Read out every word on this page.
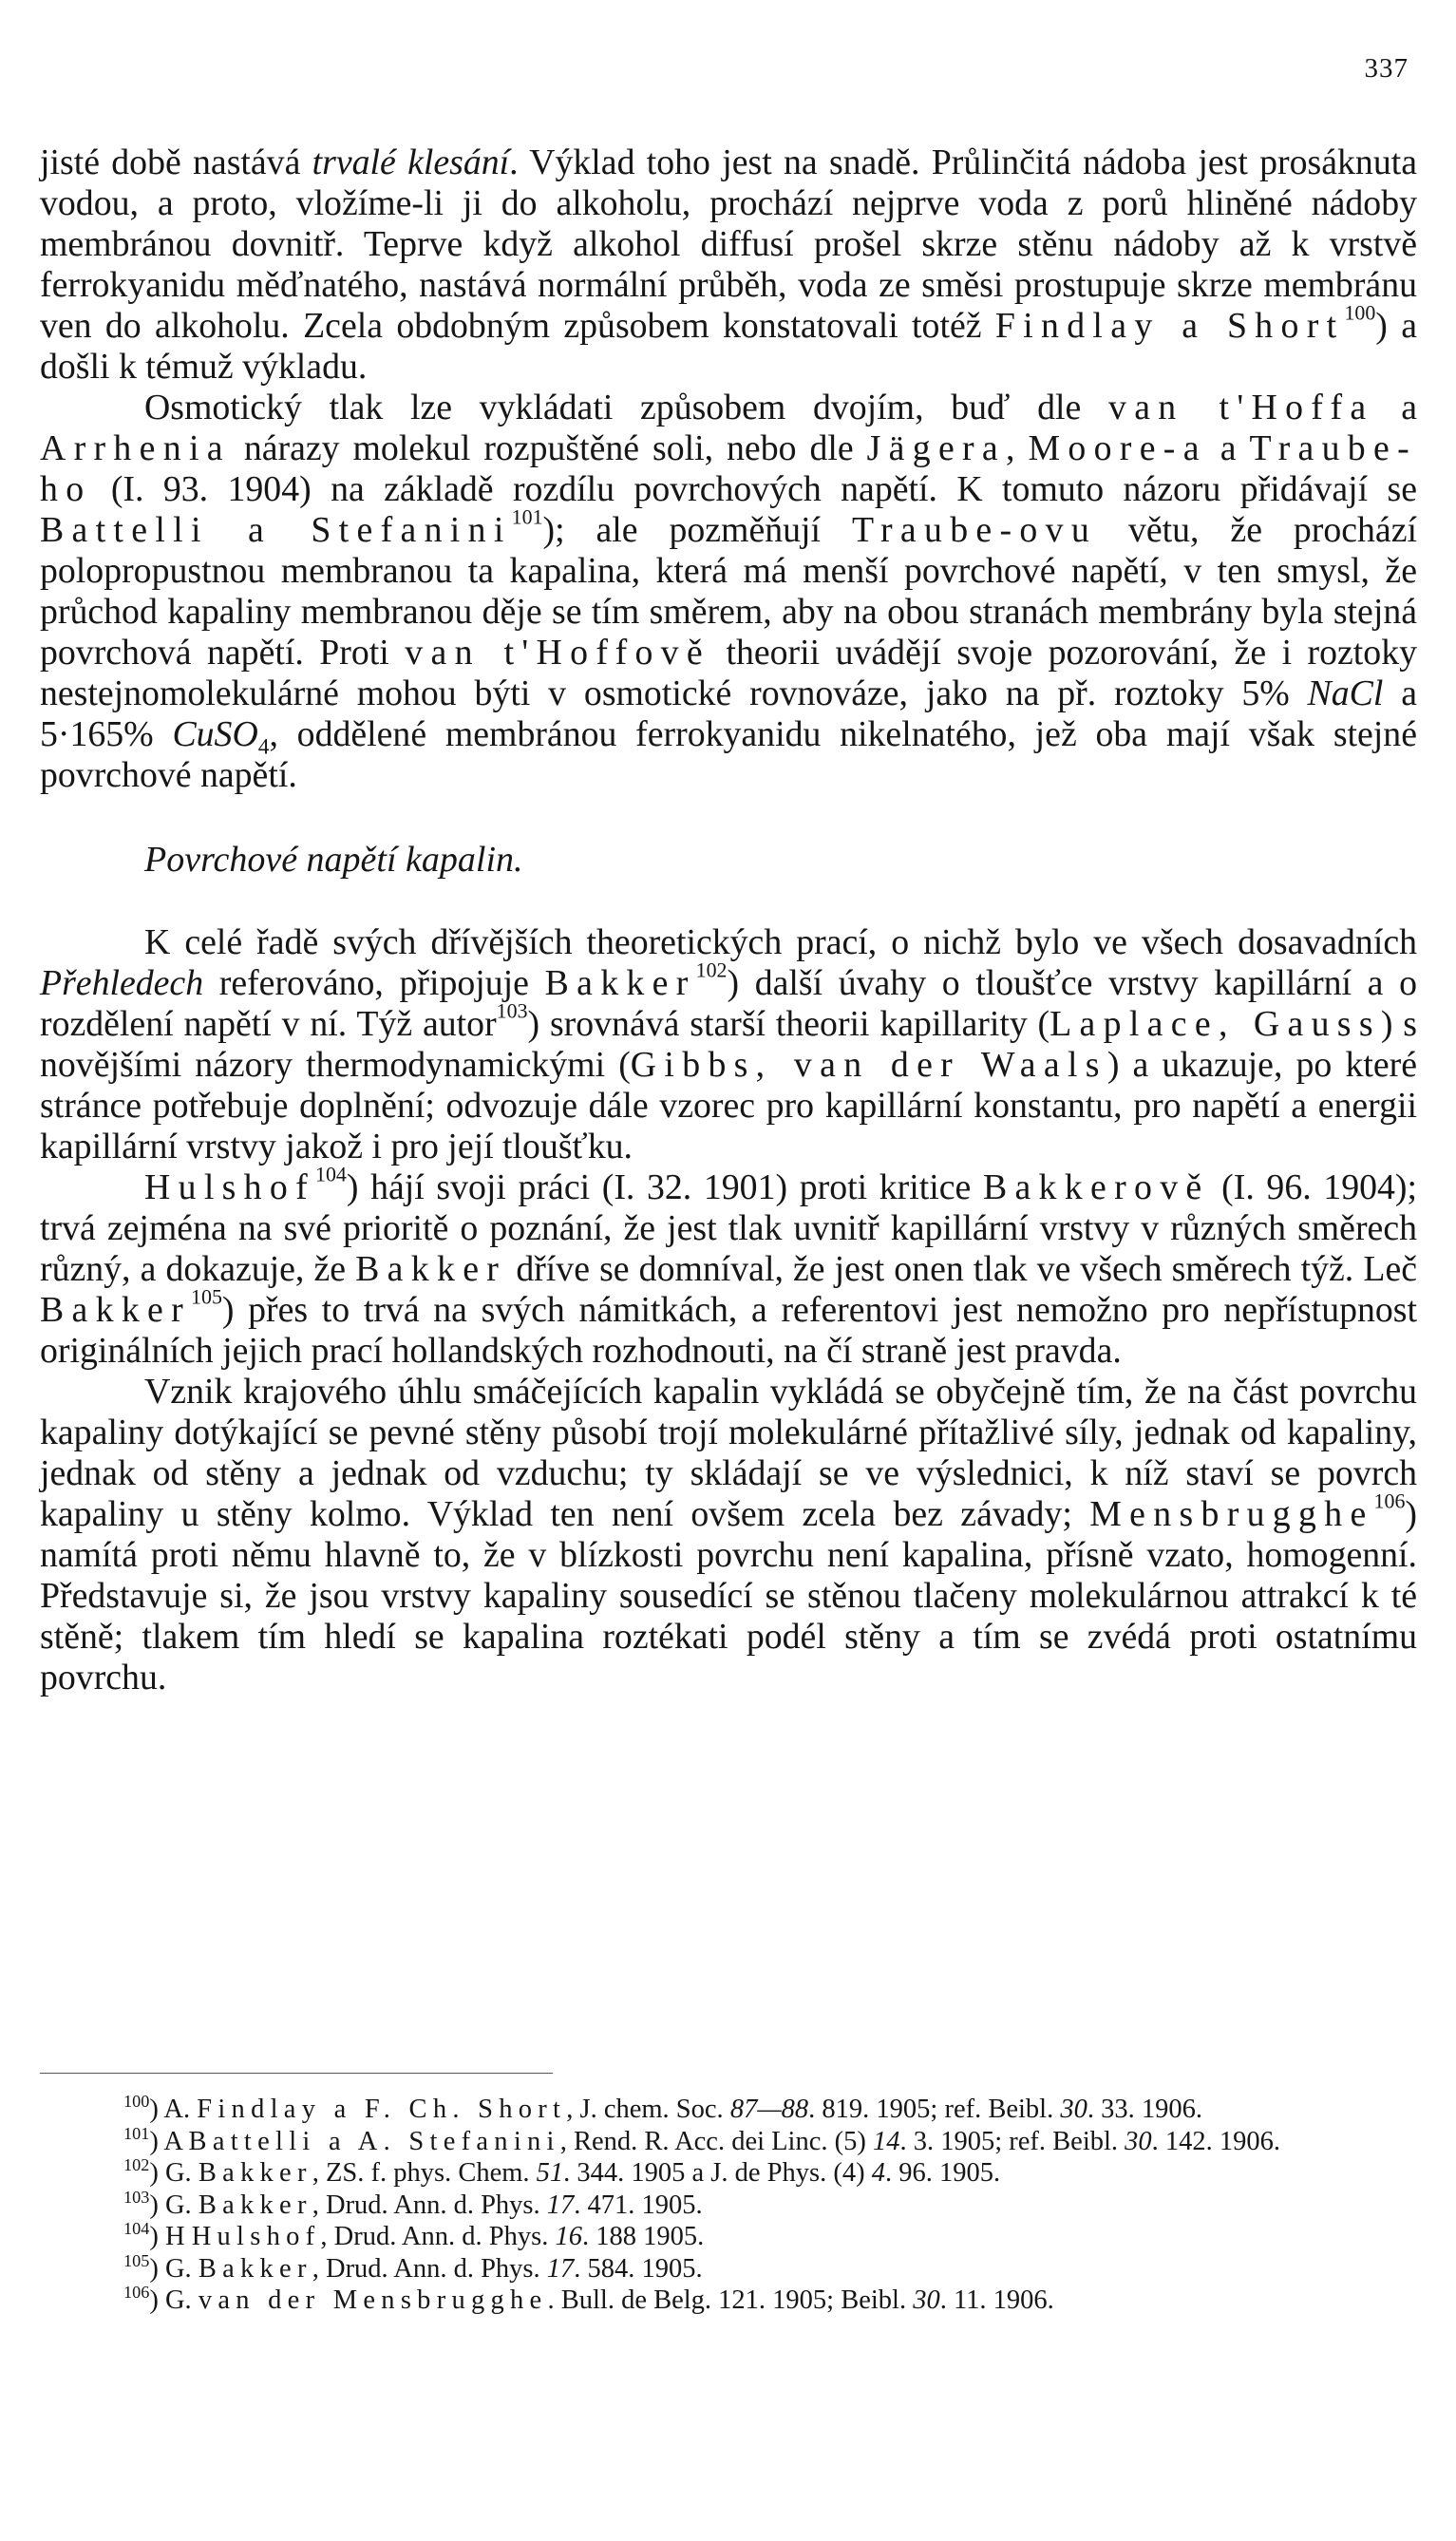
337

jisté době nastává trvalé klesání. Výklad toho jest na snadě. Průlinčitá nádoba jest prosáknuta vodou, a proto, vložíme-li ji do alkoholu, prochází nejprve voda z porů hliněné nádoby membránou dovnitř. Teprve když alkohol diffusí prošel skrze stěnu nádoby až k vrstvě ferrokyanidu měďnatého, nastává normální průběh, voda ze směsi prostupuje skrze membránu ven do alkoholu. Zcela obdobným způsobem konstatovali totéž Findlay a Short$^{100}$) a došli k témuž výkladu.

Osmotický tlak lze vykládati způsobem dvojím, buď dle van t'Hoffa a Arrhenia nárazy molekul rozpuštěné soli, nebo dle Jägera, Moore-a a Traube-ho (I. 93. 1904) na základě rozdílu povrchových napětí. K tomuto názoru přidávají se Battelli a Stefanini$^{101}$); ale pozměňují Traube-ovu větu, že prochází polopropustnou membranou ta kapalina, která má menší povrchové napětí, v ten smysl, že průchod kapaliny membranou děje se tím směrem, aby na obou stranách membrány byla stejná povrchová napětí. Proti van t'Hoffově theorii uvádějí svoje pozorování, že i roztoky nestejnomolekulárné mohou býti v osmotické rovnováze, jako na př. roztoky 5% NaCl a 5·165% CuSO$_4$, oddělené membránou ferrokyanidu nikelnatého, jež oba mají však stejné povrchové napětí.

Povrchové napětí kapalin.

K celé řadě svých dřívějších theoretických prací, o nichž bylo ve všech dosavadních Přehledech referováno, připojuje Bakker$^{102}$) další úvahy o tloušťce vrstvy kapillární a o rozdělení napětí v ní. Týž autor$^{103}$) srovnává starší theorii kapillarity (Laplace, Gauss) s novějšími názory thermodynamickými (Gibbs, van der Waals) a ukazuje, po které stránce potřebuje doplnění; odvozuje dále vzorec pro kapillární konstantu, pro napětí a energii kapillární vrstvy jakož i pro její tloušťku.

Hulshof$^{104}$) hájí svoji práci (I. 32. 1901) proti kritice Bakkerově (I. 96. 1904); trvá zejména na své prioritě o poznání, že jest tlak uvnitř kapillární vrstvy v různých směrech různý, a dokazuje, že Bakker dříve se domníval, že jest onen tlak ve všech směrech týž. Leč Bakker$^{105}$) přes to trvá na svých námitkách, a referentovi jest nemožno pro nepřístupnost originálních jejich prací hollandských rozhodnouti, na čí straně jest pravda.

Vznik krajového úhlu smáčejících kapalin vykládá se obyčejně tím, že na část povrchu kapaliny dotýkající se pevné stěny působí trojí molekulárné přítažlivé síly, jednak od kapaliny, jednak od stěny a jednak od vzduchu; ty skládají se ve výslednici, k níž staví se povrch kapaliny u stěny kolmo. Výklad ten není ovšem zcela bez závady; Mensbrugghe$^{106}$) namítá proti němu hlavně to, že v blízkosti povrchu není kapalina, přísně vzato, homogenní. Představuje si, že jsou vrstvy kapaliny sousedící se stěnou tlačeny molekulárnou attrakcí k té stěně; tlakem tím hledí se kapalina roztékati podél stěny a tím se zvédá proti ostatnímu povrchu.

$^{100}$) A. Findlay a F. Ch. Short, J. chem. Soc. 87—88. 819. 1905; ref. Beibl. 30. 33. 1906.

$^{101}$) A Battelli a A. Stefanini, Rend. R. Acc. dei Linc. (5) 14. 3. 1905; ref. Beibl. 30. 142. 1906.

$^{102}$) G. Bakker, ZS. f. phys. Chem. 51. 344. 1905 a J. de Phys. (4) 4. 96. 1905.

$^{103}$) G. Bakker, Drud. Ann. d. Phys. 17. 471. 1905.

$^{104}$) H Hulshof, Drud. Ann. d. Phys. 16. 188 1905.

$^{105}$) G. Bakker, Drud. Ann. d. Phys. 17. 584. 1905.

$^{106}$) G. van der Mensbrugghe. Bull. de Belg. 121. 1905; Beibl. 30. 11. 1906.
